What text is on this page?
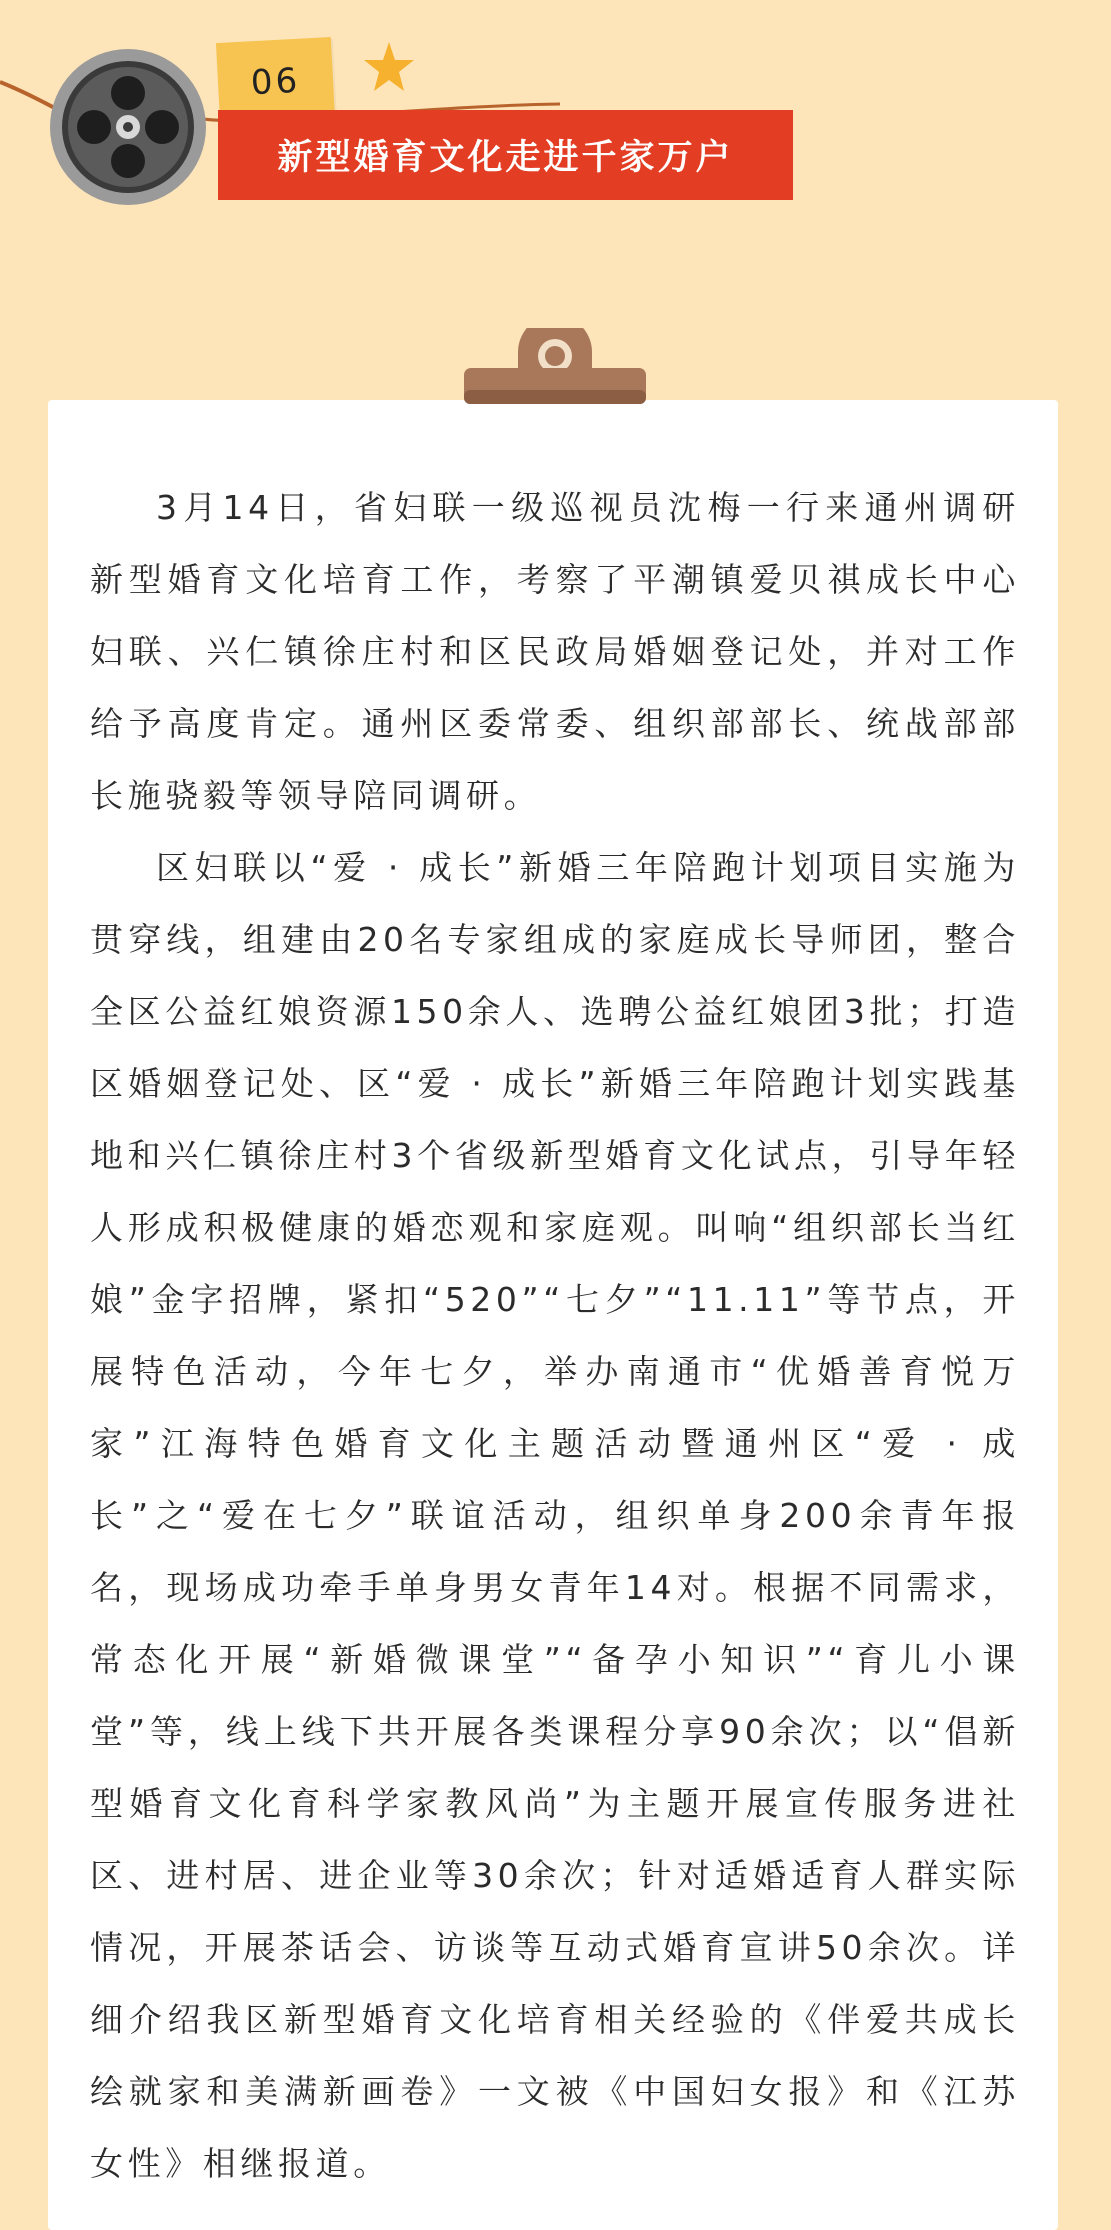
06
新型婚育文化走进千家万户

3月14日，省妇联一级巡视员沈梅一行来通州调研新型婚育文化培育工作，考察了平潮镇爱贝祺成长中心妇联、兴仁镇徐庄村和区民政局婚姻登记处，并对工作给予高度肯定。通州区委常委、组织部部长、统战部部长施骁毅等领导陪同调研。

区妇联以“爱 · 成长”新婚三年陪跑计划项目实施为贯穿线，组建由20名专家组成的家庭成长导师团，整合全区公益红娘资源150余人、选聘公益红娘团3批；打造区婚姻登记处、区“爱 · 成长”新婚三年陪跑计划实践基地和兴仁镇徐庄村3个省级新型婚育文化试点，引导年轻人形成积极健康的婚恋观和家庭观。叫响“组织部长当红娘”金字招牌，紧扣“520”“七夕”“11.11”等节点，开展特色活动，今年七夕，举办南通市“优婚善育悦万家”江海特色婚育文化主题活动暨通州区“爱 · 成长”之“爱在七夕”联谊活动，组织单身200余青年报名，现场成功牵手单身男女青年14对。根据不同需求，常态化开展“新婚微课堂”“备孕小知识”“育儿小课堂”等，线上线下共开展各类课程分享90余次；以“倡新型婚育文化育科学家教风尚”为主题开展宣传服务进社区、进村居、进企业等30余次；针对适婚适育人群实际情况，开展茶话会、访谈等互动式婚育宣讲50余次。详细介绍我区新型婚育文化培育相关经验的《伴爱共成长 绘就家和美满新画卷》一文被《中国妇女报》和《江苏女性》相继报道。
